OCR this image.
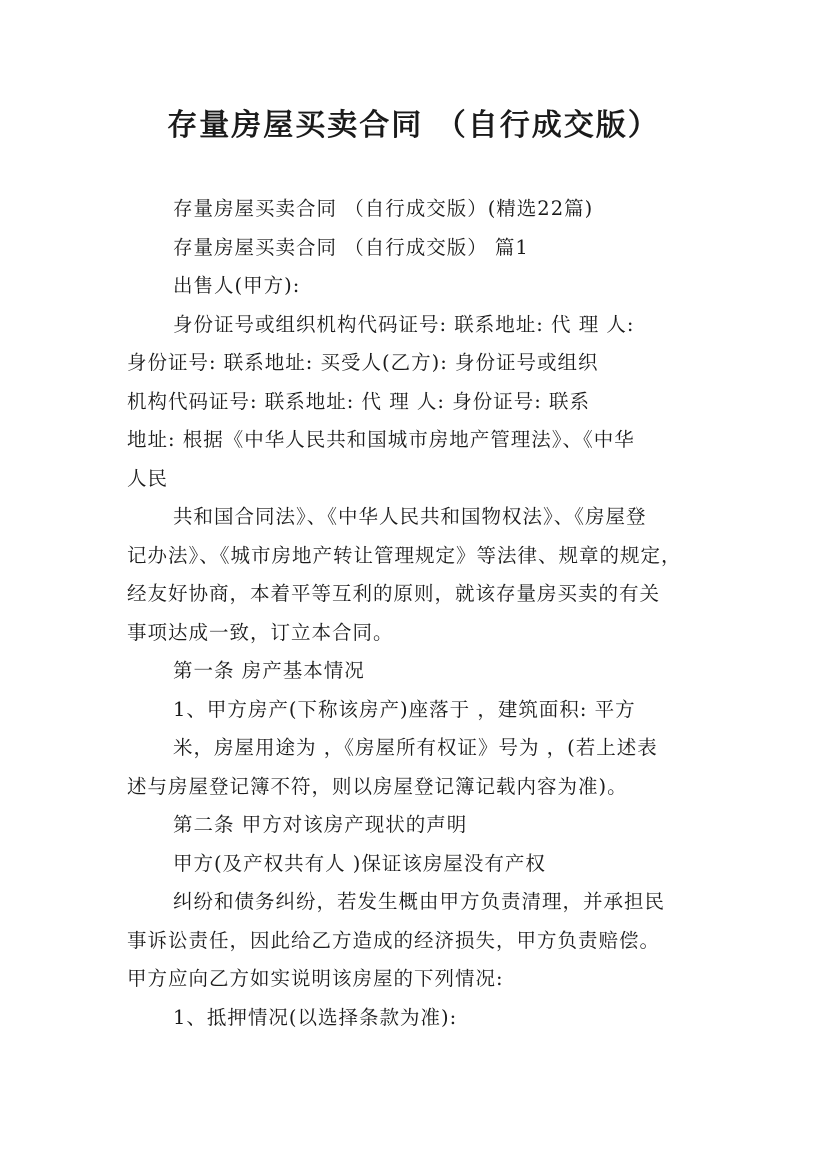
存量房屋买卖合同 （自行成交版）
存量房屋买卖合同 （自行成交版）(精选22篇)
存量房屋买卖合同 （自行成交版） 篇1
出售人(甲方):
身份证号或组织机构代码证号: 联系地址: 代 理 人:
身份证号: 联系地址: 买受人(乙方): 身份证号或组织
机构代码证号: 联系地址: 代 理 人: 身份证号: 联系
地址: 根据《中华人民共和国城市房地产管理法》、《中华
人民
共和国合同法》、《中华人民共和国物权法》、《房屋登
记办法》、《城市房地产转让管理规定》等法律、规章的规定，
经友好协商，本着平等互利的原则，就该存量房买卖的有关
事项达成一致，订立本合同。
第一条 房产基本情况
1、甲方房产(下称该房产)座落于 ，建筑面积: 平方
米，房屋用途为 ，《房屋所有权证》号为 ，(若上述表
述与房屋登记簿不符，则以房屋登记簿记载内容为准)。
第二条 甲方对该房产现状的声明
甲方(及产权共有人 )保证该房屋没有产权
纠纷和债务纠纷，若发生概由甲方负责清理，并承担民
事诉讼责任，因此给乙方造成的经济损失，甲方负责赔偿。
甲方应向乙方如实说明该房屋的下列情况:
1、抵押情况(以选择条款为准):
